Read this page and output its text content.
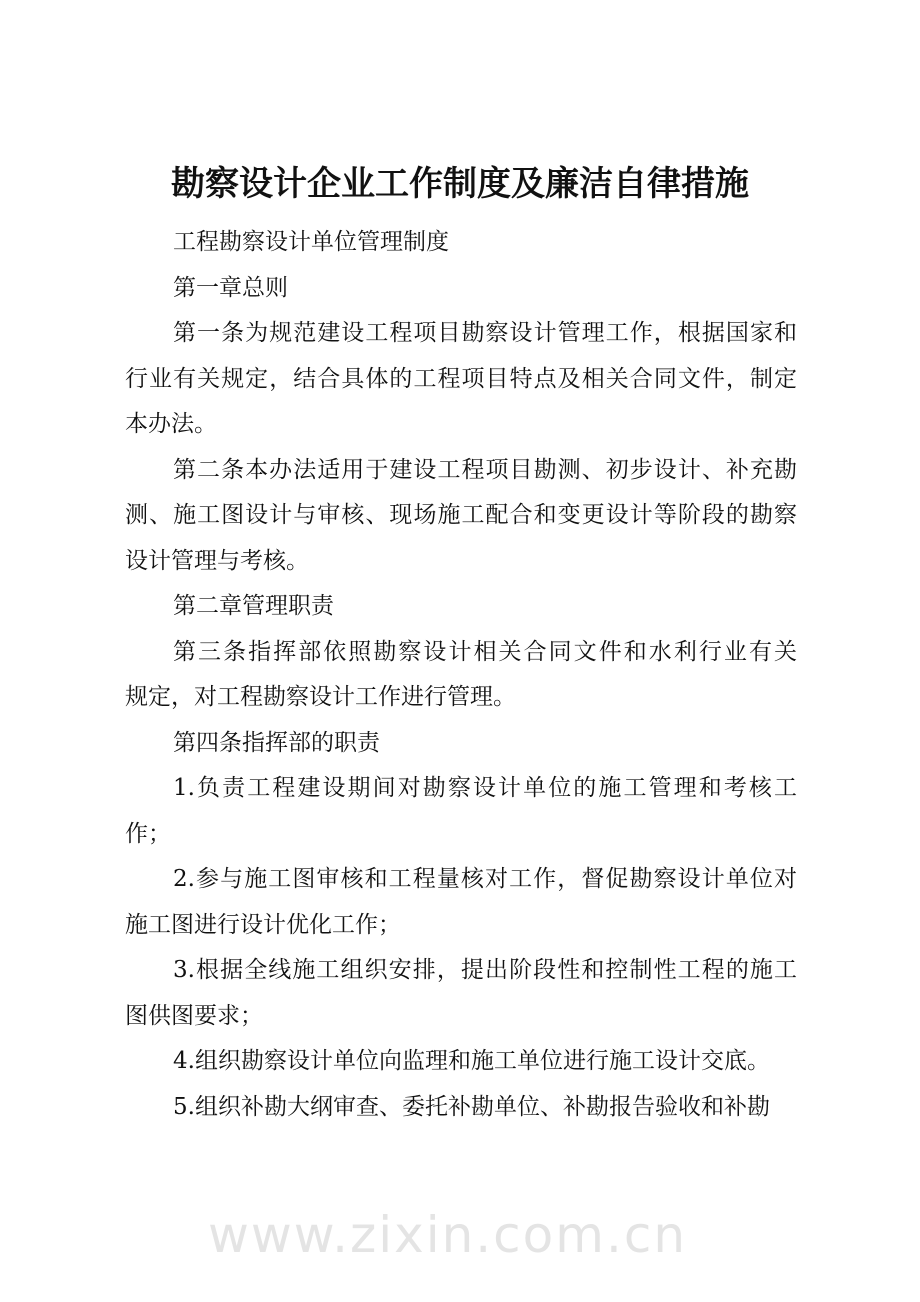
www.zixin.com.cn
勘察设计企业工作制度及廉洁自律措施
工程勘察设计单位管理制度
第一章总则
第一条为规范建设工程项目勘察设计管理工作，根据国家和
行业有关规定，结合具体的工程项目特点及相关合同文件，制定
本办法。
第二条本办法适用于建设工程项目勘测、初步设计、补充勘
测、施工图设计与审核、现场施工配合和变更设计等阶段的勘察
设计管理与考核。
第二章管理职责
第三条指挥部依照勘察设计相关合同文件和水利行业有关
规定，对工程勘察设计工作进行管理。
第四条指挥部的职责
1.负责工程建设期间对勘察设计单位的施工管理和考核工
作；
2.参与施工图审核和工程量核对工作，督促勘察设计单位对
施工图进行设计优化工作；
3.根据全线施工组织安排，提出阶段性和控制性工程的施工
图供图要求；
4.组织勘察设计单位向监理和施工单位进行施工设计交底。
5.组织补勘大纲审查、委托补勘单位、补勘报告验收和补勘
